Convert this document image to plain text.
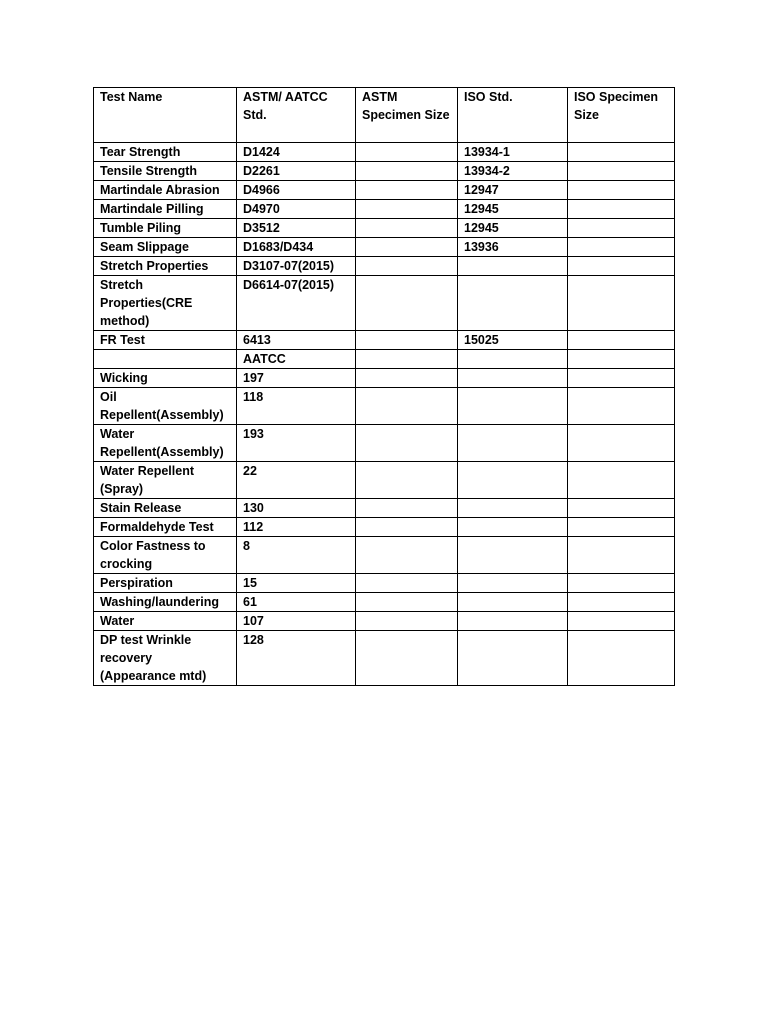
Test Name	ASTM/ AATCC Std.	ASTM Specimen Size	ISO Std.	ISO Specimen Size
Tear Strength	D1424		13934-1	
Tensile Strength	D2261		13934-2	
Martindale Abrasion	D4966		12947	
Martindale Pilling	D4970		12945	
Tumble Piling	D3512		12945	
Seam Slippage	D1683/D434		13936	
Stretch Properties	D3107-07(2015)			
Stretch Properties(CRE method)	D6614-07(2015)			
FR Test	6413		15025	
	AATCC			
Wicking	197			
Oil Repellent(Assembly)	118			
Water Repellent(Assembly)	193			
Water Repellent (Spray)	22			
Stain Release	130			
Formaldehyde Test	112			
Color Fastness to crocking	8			
Perspiration	15			
Washing/laundering	61			
Water	107			
DP test Wrinkle recovery (Appearance mtd)	128			
